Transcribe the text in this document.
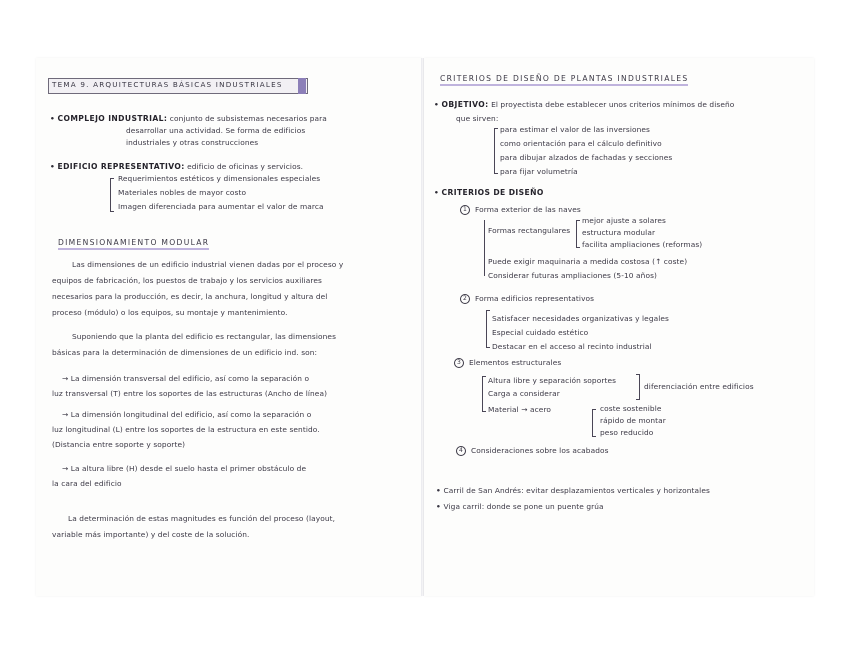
TEMA 9. ARQUITECTURAS BÁSICAS INDUSTRIALES
• COMPLEJO INDUSTRIAL: conjunto de subsistemas necesarios para
desarrollar una actividad. Se forma de edificios
industriales y otras construcciones
• EDIFICIO REPRESENTATIVO: edificio de oficinas y servicios.
Requerimientos estéticos y dimensionales especiales
Materiales nobles de mayor costo
Imagen diferenciada para aumentar el valor de marca
DIMENSIONAMIENTO MODULAR
Las dimensiones de un edificio industrial vienen dadas por el proceso y
equipos de fabricación, los puestos de trabajo y los servicios auxiliares
necesarios para la producción, es decir, la anchura, longitud y altura del
proceso (módulo) o los equipos, su montaje y mantenimiento.
Suponiendo que la planta del edificio es rectangular, las dimensiones
básicas para la determinación de dimensiones de un edificio ind. son:
→ La dimensión transversal del edificio, así como la separación o
luz transversal (T) entre los soportes de las estructuras (Ancho de línea)
→ La dimensión longitudinal del edificio, así como la separación o
luz longitudinal (L) entre los soportes de la estructura en este sentido.
(Distancia entre soporte y soporte)
→ La altura libre (H) desde el suelo hasta el primer obstáculo de
la cara del edificio
La determinación de estas magnitudes es función del proceso (layout,
variable más importante) y del coste de la solución.
CRITERIOS DE DISEÑO DE PLANTAS INDUSTRIALES
• OBJETIVO: El proyectista debe establecer unos criterios mínimos de diseño
que sirven:
para estimar el valor de las inversiones
como orientación para el cálculo definitivo
para dibujar alzados de fachadas y secciones
para fijar volumetría
• CRITERIOS DE DISEÑO
1 Forma exterior de las naves
Formas rectangulares
mejor ajuste a solares
estructura modular
facilita ampliaciones (reformas)
Puede exigir maquinaria a medida costosa (↑ coste)
Considerar futuras ampliaciones (5-10 años)
2 Forma edificios representativos
Satisfacer necesidades organizativas y legales
Especial cuidado estético
Destacar en el acceso al recinto industrial
3 Elementos estructurales
Altura libre y separación soportes
Carga a considerar
diferenciación entre edificios
Material → acero	coste sostenible
rápido de montar
peso reducido
4 Consideraciones sobre los acabados
• Carril de San Andrés: evitar desplazamientos verticales y horizontales
• Viga carril: donde se pone un puente grúa
